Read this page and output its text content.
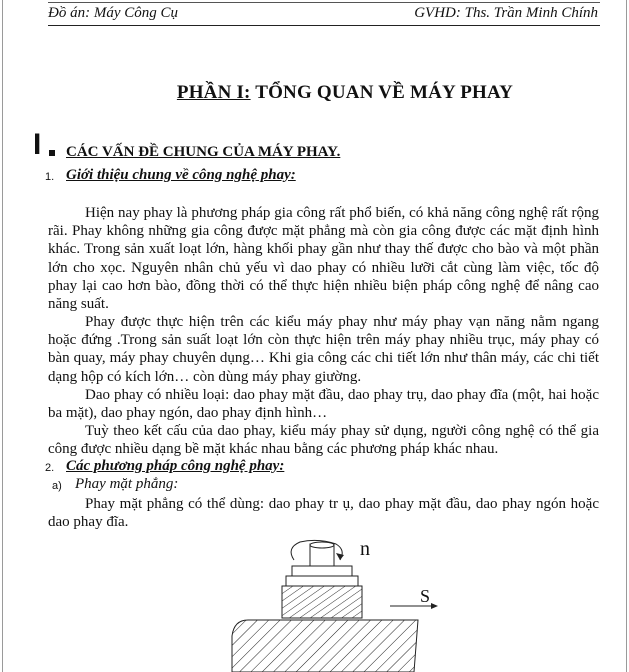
Đồ án: Máy Công Cụ	GVHD: Ths. Trần Minh Chính
PHẦN I: TỔNG QUAN VỀ MÁY PHAY
I CÁC VẤN ĐỀ CHUNG CỦA MÁY PHAY.
1. Giới thiệu chung về công nghệ phay:

Hiện nay phay là phương pháp gia công rất phổ biến, có khả năng công nghệ rất rộng rãi. Phay không những gia công được mặt phẳng mà còn gia công được các mặt định hình khác. Trong sản xuất loạt lớn, hàng khối phay gần như thay thế được cho bào và một phần lớn cho xọc. Nguyên nhân chủ yếu vì dao phay có nhiều lưỡi cắt cùng làm việc, tốc độ phay lại cao hơn bào, đồng thời có thể thực hiện nhiều biện pháp công nghệ để nâng cao năng suất.

Phay được thực hiện trên các kiểu máy phay như máy phay vạn năng nằm ngang hoặc đứng .Trong sản suất loạt lớn còn thực hiện trên máy phay nhiều trục, máy phay có bàn quay, máy phay chuyên dụng… Khi gia công các chi tiết lớn như thân máy, các chi tiết dạng hộp có kích lớn… còn dùng máy phay giường.

Dao phay có nhiều loại: dao phay mặt đầu, dao phay trụ, dao phay đĩa (một, hai hoặc ba mặt), dao phay ngón, dao phay định hình…

Tuỳ theo kết cấu của dao phay, kiểu máy phay sử dụng, người công nghệ có thể gia công được nhiều dạng bề mặt khác nhau bằng các phương pháp khác nhau.

2. Các phương pháp công nghệ phay:
a) Phay mặt phẳng:

Phay mặt phẳng có thể dùng: dao phay tr ụ, dao phay mặt đầu, dao phay ngón hoặc dao phay đĩa.

n
S
